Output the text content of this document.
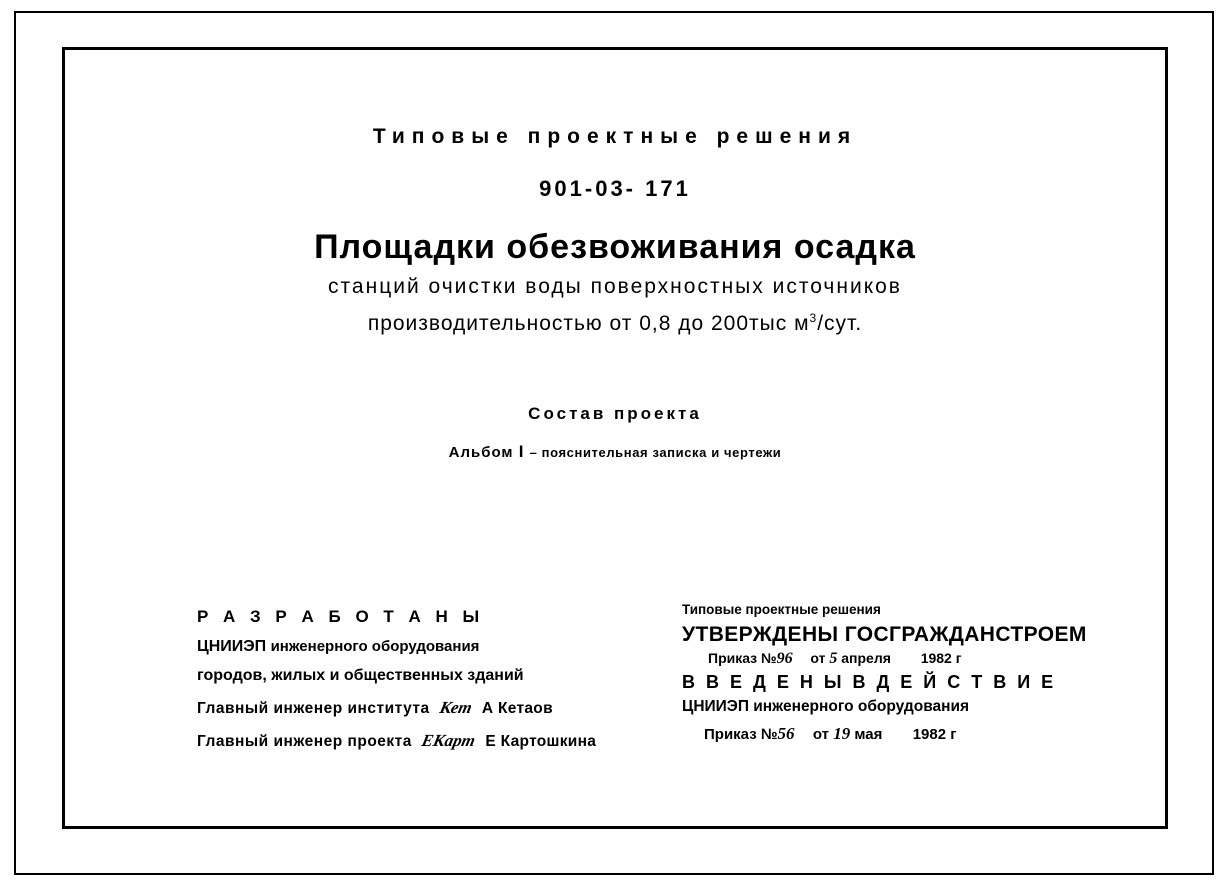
Типовые проектные решения
901-03- 171
Площадки обезвоживания осадка
станций очистки воды поверхностных источников
производительностью от 0,8 до 200тыс $м^3$/сут.
Состав проекта
Альбом I – пояснительная записка и чертежи
Р А З Р А Б О Т А Н Ы
ЦНИИЭП инженерного оборудования
городов, жилых и общественных зданий
Главный инженер института Кет А Кетаов
Главный инженер проекта ЕКарт Е Картошкина
Типовые проектные решения
УТВЕРЖДЕНЫ ГОСГРАЖДАНСТРОЕМ
Приказ №96 от 5 апреля 1982 г
В В Е Д Е Н Ы В Д Е Й С Т В И Е
ЦНИИЭП инженерного оборудования
Приказ №56 от 19 мая 1982 г
